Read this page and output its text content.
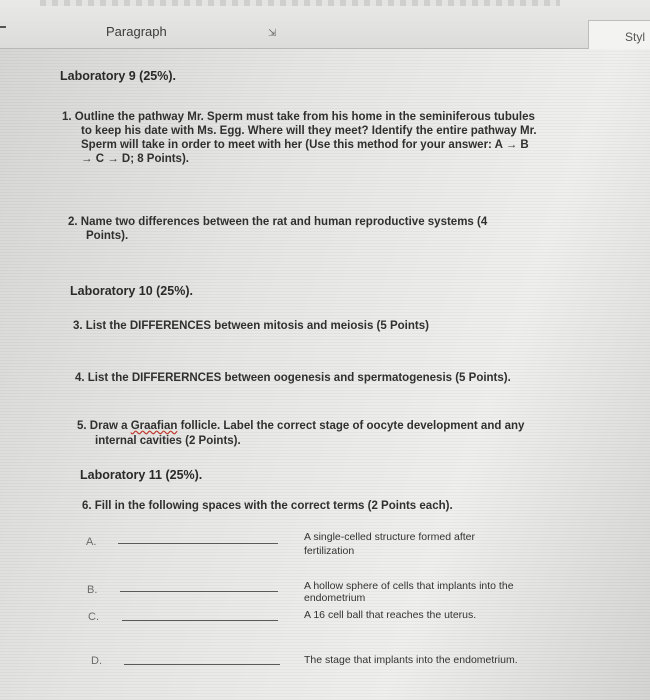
Paragraph	⇲	Styl
Laboratory 9 (25%).
1. Outline the pathway Mr. Sperm must take from his home in the seminiferous tubules
to keep his date with Ms. Egg. Where will they meet? Identify the entire pathway Mr.
Sperm will take in order to meet with her (Use this method for your answer: A → B
→ C → D; 8 Points).
2. Name two differences between the rat and human reproductive systems (4
Points).
Laboratory 10 (25%).
3. List the DIFFERENCES between mitosis and meiosis (5 Points)
4. List the DIFFERERNCES between oogenesis and spermatogenesis (5 Points).
5. Draw a Graafian follicle. Label the correct stage of oocyte development and any
internal cavities (2 Points).
Laboratory 11 (25%).
6. Fill in the following spaces with the correct terms (2 Points each).
A.	A single-celled structure formed after
fertilization
B.	A hollow sphere of cells that implants into the
endometrium
C.	A 16 cell ball that reaches the uterus.
D.	The stage that implants into the endometrium.
